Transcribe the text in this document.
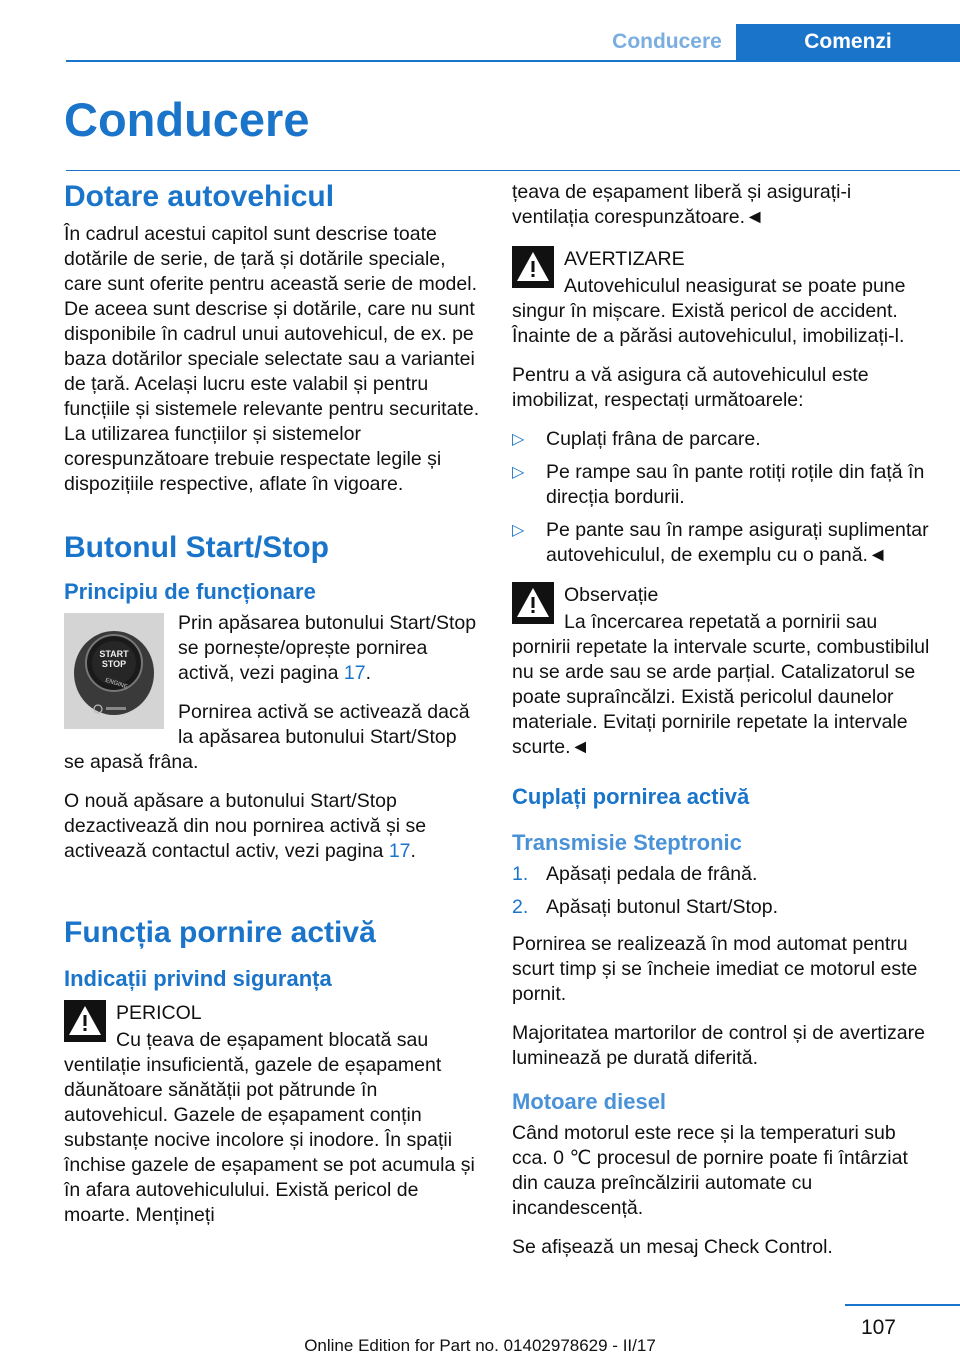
Conducere	Comenzi
Conducere
Dotare autovehicul

În cadrul acestui capitol sunt descrise toate dotările de serie, de țară și dotările speciale, care sunt oferite pentru această serie de model. De aceea sunt descrise și dotările, care nu sunt disponibile în cadrul unui autovehicul, de ex. pe baza dotărilor speciale selectate sau a variantei de țară. Același lucru este valabil și pentru funcțiile și sistemele relevante pentru securitate. La utilizarea funcțiilor și sistemelor corespunzătoare trebuie respectate legile și dispozițiile respective, aflate în vigoare.

Butonul Start/Stop
Principiu de funcționare
START
STOP
ENGINE

Prin apăsarea butonului Start/Stop se pornește/oprește pornirea activă, vezi pagina 17.

Pornirea activă se activează dacă la apăsarea butonului Start/Stop se apasă frâna.

O nouă apăsare a butonului Start/Stop dezactivează din nou pornirea activă și se activează contactul activ, vezi pagina 17.

Funcția pornire activă
Indicații privind siguranța

PERICOL

Cu țeava de eșapament blocată sau ventilație insuficientă, gazele de eșapament dăunătoare sănătății pot pătrunde în autovehicul. Gazele de eșapament conțin substanțe nocive incolore și inodore. În spații închise gazele de eșapament se pot acumula și în afara autovehiculului. Există pericol de moarte. Mențineți

țeava de eșapament liberă și asigurați-i ventilația corespunzătoare.◄

AVERTIZARE

Autovehiculul neasigurat se poate pune singur în mișcare. Există pericol de accident. Înainte de a părăsi autovehiculul, imobilizați-l.

Pentru a vă asigura că autovehiculul este imobilizat, respectați următoarele:

▷ Cuplați frâna de parcare.
▷ Pe rampe sau în pante rotiți roțile din față în direcția bordurii.
▷ Pe pante sau în rampe asigurați suplimentar autovehiculul, de exemplu cu o pană.◄

Observație

La încercarea repetată a pornirii sau pornirii repetate la intervale scurte, combustibilul nu se arde sau se arde parțial. Catalizatorul se poate supraîncălzi. Există pericolul daunelor materiale. Evitați pornirile repetate la intervale scurte.◄

Cuplați pornirea activă
Transmisie Steptronic
1. Apăsați pedala de frână.
2. Apăsați butonul Start/Stop.

Pornirea se realizează în mod automat pentru scurt timp și se încheie imediat ce motorul este pornit.

Majoritatea martorilor de control și de avertizare luminează pe durată diferită.

Motoare diesel

Când motorul este rece și la temperaturi sub cca. 0 ℃ procesul de pornire poate fi întârziat din cauza preîncălzirii automate cu incandescență.

Se afișează un mesaj Check Control.

107
Online Edition for Part no. 01402978629 - II/17
